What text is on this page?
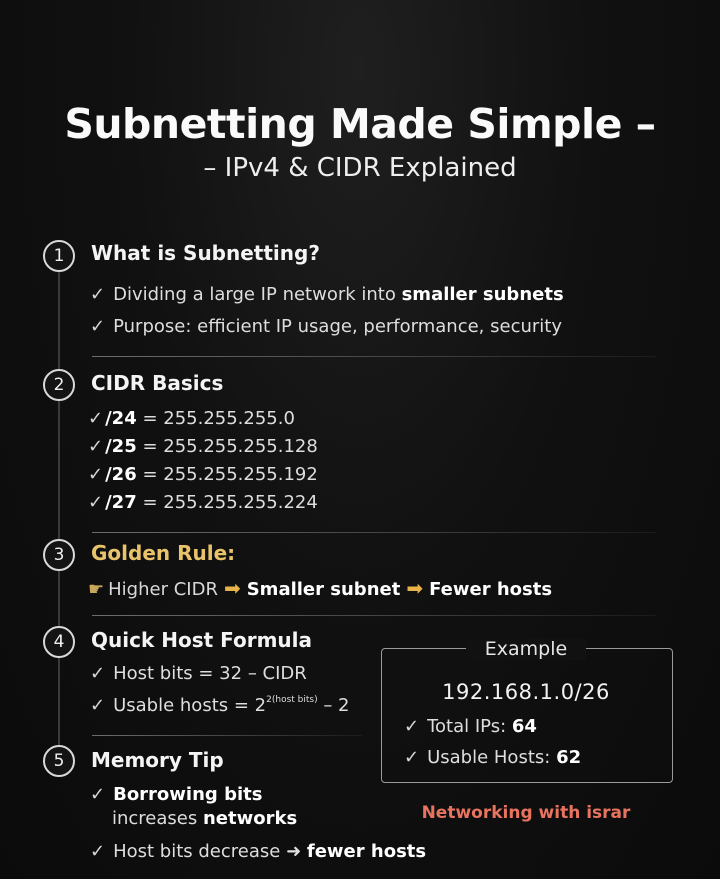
Subnetting Made Simple –
– IPv4 & CIDR Explained
1	What is Subnetting?
✓ Dividing a large IP network into smaller subnets
✓ Purpose: efficient IP usage, performance, security
2	CIDR Basics
✓ /24 = 255.255.255.0
✓ /25 = 255.255.255.128
✓ /26 = 255.255.255.192
✓ /27 = 255.255.255.224
3	Golden Rule:
☛ Higher CIDR ➡ Smaller subnet ➡ Fewer hosts
4	Quick Host Formula
✓ Host bits = 32 – CIDR
✓ Usable hosts = $2^{2(host bits)} - 2$
5	Memory Tip
✓ Borrowing bits
increases networks
✓ Host bits decrease ➜ fewer hosts
Example
192.168.1.0/26
✓ Total IPs: 64
✓ Usable Hosts: 62
Networking with israr
